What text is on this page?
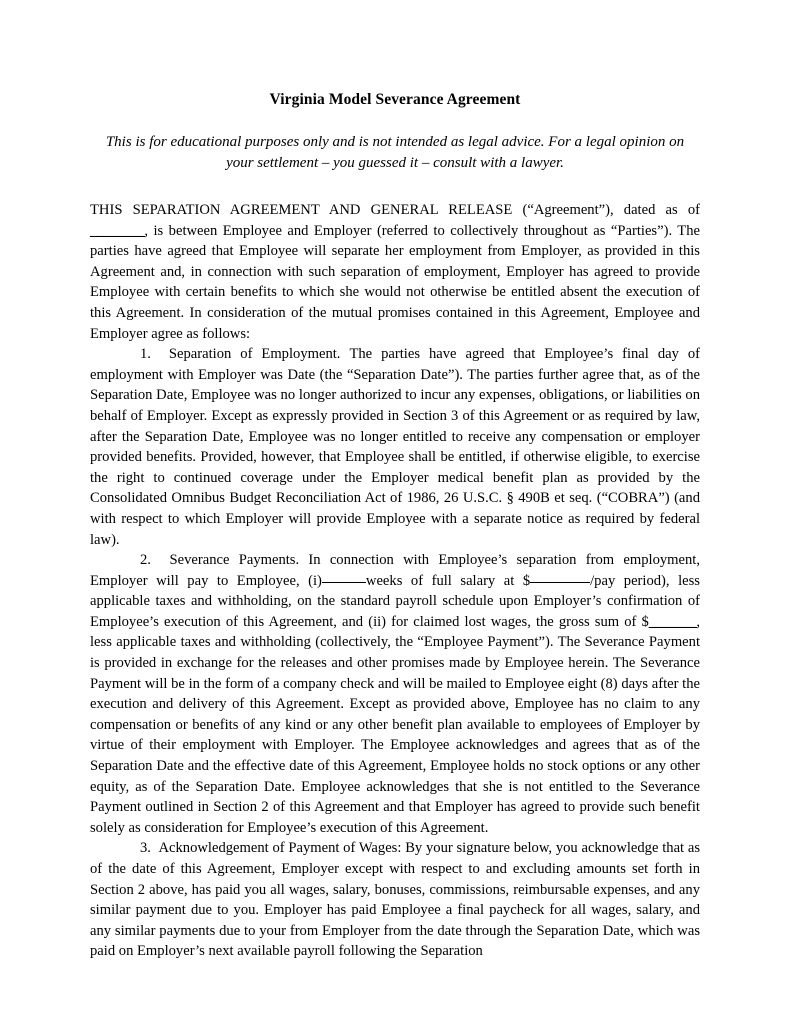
Virginia Model Severance Agreement

This is for educational purposes only and is not intended as legal advice. For a legal opinion on your settlement – you guessed it – consult with a lawyer.

THIS SEPARATION AGREEMENT AND GENERAL RELEASE (“Agreement”), dated as of ________, is between Employee and Employer (referred to collectively throughout as “Parties”). The parties have agreed that Employee will separate her employment from Employer, as provided in this Agreement and, in connection with such separation of employment, Employer has agreed to provide Employee with certain benefits to which she would not otherwise be entitled absent the execution of this Agreement. In consideration of the mutual promises contained in this Agreement, Employee and Employer agree as follows:

1. Separation of Employment. The parties have agreed that Employee’s final day of employment with Employer was Date (the “Separation Date”). The parties further agree that, as of the Separation Date, Employee was no longer authorized to incur any expenses, obligations, or liabilities on behalf of Employer. Except as expressly provided in Section 3 of this Agreement or as required by law, after the Separation Date, Employee was no longer entitled to receive any compensation or employer provided benefits. Provided, however, that Employee shall be entitled, if otherwise eligible, to exercise the right to continued coverage under the Employer medical benefit plan as provided by the Consolidated Omnibus Budget Reconciliation Act of 1986, 26 U.S.C. § 490B et seq. (“COBRA”) (and with respect to which Employer will provide Employee with a separate notice as required by federal law).

2. Severance Payments. In connection with Employee’s separation from employment, Employer will pay to Employee, (i)	weeks of full salary at $	/pay period), less applicable taxes and withholding, on the standard payroll schedule upon Employer’s confirmation of Employee’s execution of this Agreement, and (ii) for claimed lost wages, the gross sum of $_______, less applicable taxes and withholding (collectively, the “Employee Payment”). The Severance Payment is provided in exchange for the releases and other promises made by Employee herein. The Severance Payment will be in the form of a company check and will be mailed to Employee eight (8) days after the execution and delivery of this Agreement. Except as provided above, Employee has no claim to any compensation or benefits of any kind or any other benefit plan available to employees of Employer by virtue of their employment with Employer. The Employee acknowledges and agrees that as of the Separation Date and the effective date of this Agreement, Employee holds no stock options or any other equity, as of the Separation Date. Employee acknowledges that she is not entitled to the Severance Payment outlined in Section 2 of this Agreement and that Employer has agreed to provide such benefit solely as consideration for Employee’s execution of this Agreement.

3. Acknowledgement of Payment of Wages: By your signature below, you acknowledge that as of the date of this Agreement, Employer except with respect to and excluding amounts set forth in Section 2 above, has paid you all wages, salary, bonuses, commissions, reimbursable expenses, and any similar payment due to you. Employer has paid Employee a final paycheck for all wages, salary, and any similar payments due to your from Employer from the date through the Separation Date, which was paid on Employer’s next available payroll following the Separation
